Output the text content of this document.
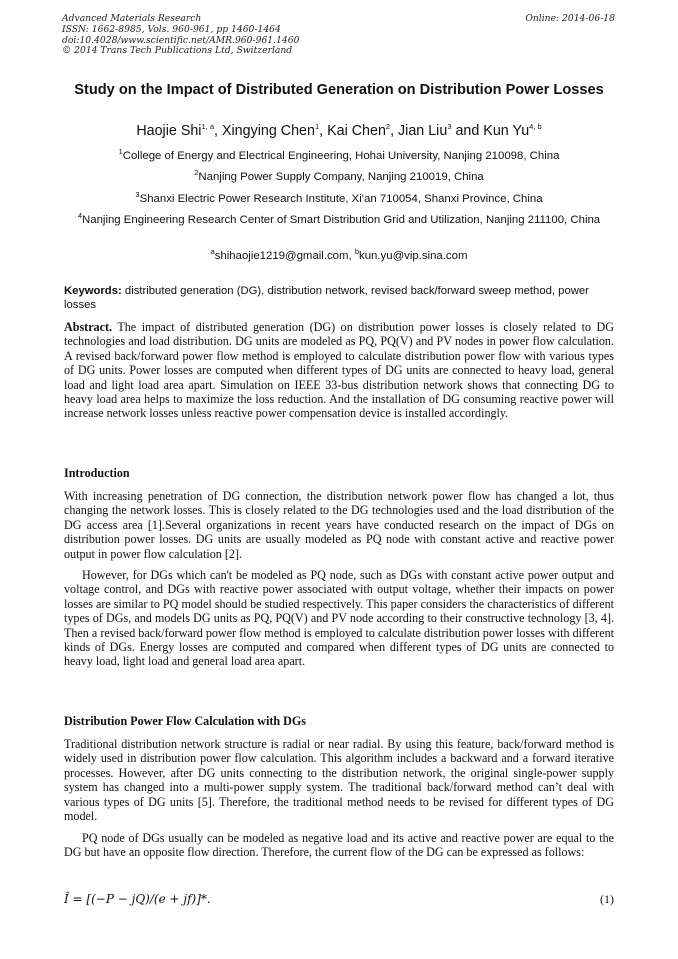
Advanced Materials Research
ISSN: 1662-8985, Vols. 960-961, pp 1460-1464
doi:10.4028/www.scientific.net/AMR.960-961.1460
© 2014 Trans Tech Publications Ltd, Switzerland
Online: 2014-06-18
Study on the Impact of Distributed Generation on Distribution Power Losses
Haojie Shi$^{1, a}$, Xingying Chen$^1$, Kai Chen$^2$, Jian Liu$^3$ and Kun Yu$^{4, b}$
$^1$College of Energy and Electrical Engineering, Hohai University, Nanjing 210098, China
$^2$Nanjing Power Supply Company, Nanjing 210019, China
$^3$Shanxi Electric Power Research Institute, Xi'an 710054, Shanxi Province, China
$^4$Nanjing Engineering Research Center of Smart Distribution Grid and Utilization, Nanjing 211100, China
$^a$shihaojie1219@gmail.com, $^b$kun.yu@vip.sina.com
Keywords: distributed generation (DG), distribution network, revised back/forward sweep method, power losses

Abstract. The impact of distributed generation (DG) on distribution power losses is closely related to DG technologies and load distribution. DG units are modeled as PQ, PQ(V) and PV nodes in power flow calculation. A revised back/forward power flow method is employed to calculate distribution power flow with various types of DG units. Power losses are computed when different types of DG units are connected to heavy load, general load and light load area apart. Simulation on IEEE 33-bus distribution network shows that connecting DG to heavy load area helps to maximize the loss reduction. And the installation of DG consuming reactive power will increase network losses unless reactive power compensation device is installed accordingly.

Introduction

With increasing penetration of DG connection, the distribution network power flow has changed a lot, thus changing the network losses. This is closely related to the DG technologies used and the load distribution of the DG access area [1].Several organizations in recent years have conducted research on the impact of DGs on distribution power losses. DG units are usually modeled as PQ node with constant active and reactive power output in power flow calculation [2].

However, for DGs which can't be modeled as PQ node, such as DGs with constant active power output and voltage control, and DGs with reactive power associated with output voltage, whether their impacts on power losses are similar to PQ model should be studied respectively. This paper considers the characteristics of different types of DGs, and models DG units as PQ, PQ(V) and PV node according to their constructive technology [3, 4]. Then a revised back/forward power flow method is employed to calculate distribution power losses with different kinds of DGs. Energy losses are computed and compared when different types of DG units are connected to heavy load, light load and general load area apart.

Distribution Power Flow Calculation with DGs

Traditional distribution network structure is radial or near radial. By using this feature, back/forward method is widely used in distribution power flow calculation. This algorithm includes a backward and a forward iterative processes. However, after DG units connecting to the distribution network, the original single-power supply system has changed into a multi-power supply system. The traditional back/forward method can’t deal with various types of DG units [5]. Therefore, the traditional method needs to be revised for different types of DG model.

PQ node of DGs usually can be modeled as negative load and its active and reactive power are equal to the DG but have an opposite flow direction. Therefore, the current flow of the DG can be expressed as follows:

Î = [(−P − jQ)/(e + jf)]*.	(1)
